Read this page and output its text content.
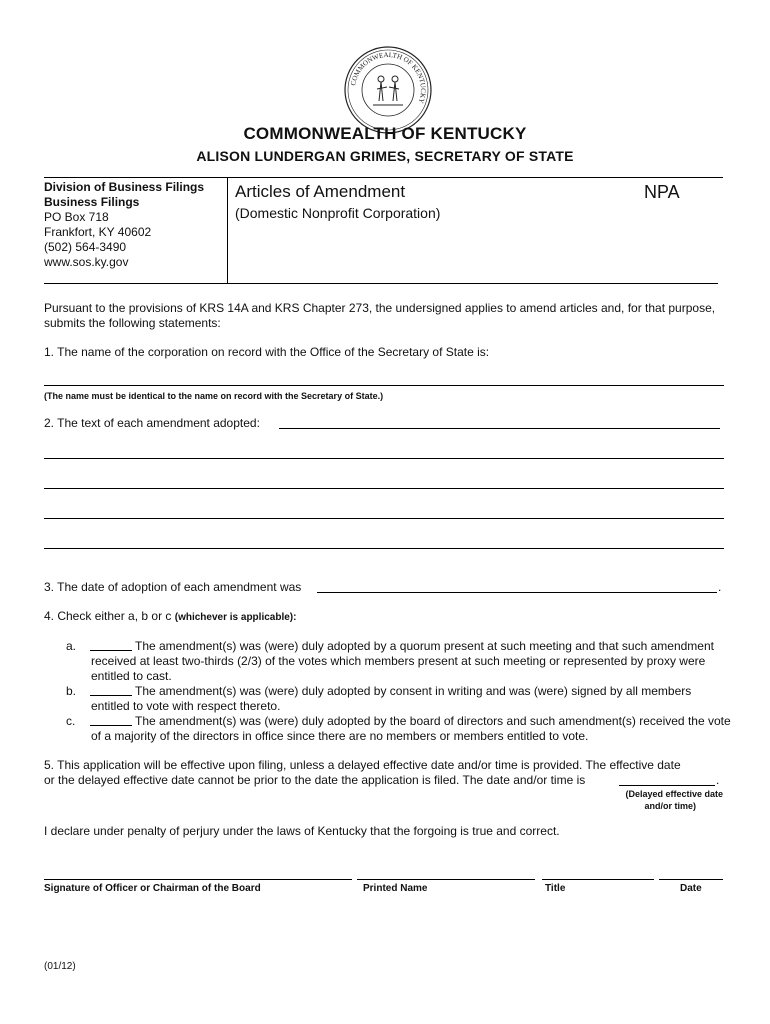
COMMONWEALTH OF KENTUCKY
COMMONWEALTH OF KENTUCKY
ALISON LUNDERGAN GRIMES, SECRETARY OF STATE
Division of Business Filings
Business Filings
PO Box 718
Frankfort, KY 40602
(502) 564-3490
www.sos.ky.gov
Articles of Amendment
(Domestic Nonprofit Corporation)
NPA
Pursuant to the provisions of KRS 14A and KRS Chapter 273, the undersigned applies to amend articles and, for that purpose, submits the following statements:
1. The name of the corporation on record with the Office of the Secretary of State is:
(The name must be identical to the name on record with the Secretary of State.)
2. The text of each amendment adopted:
3. The date of adoption of each amendment was	.
4. Check either a, b or c (whichever is applicable):
a.	The amendment(s) was (were) duly adopted by a quorum present at such meeting and that such amendment received at least two-thirds (2/3) of the votes which members present at such meeting or represented by proxy were entitled to cast.
b.	The amendment(s) was (were) duly adopted by consent in writing and was (were) signed by all members entitled to vote with respect thereto.
c.	The amendment(s) was (were) duly adopted by the board of directors and such amendment(s) received the vote of a majority of the directors in office since there are no members or members entitled to vote.
5. This application will be effective upon filing, unless a delayed effective date and/or time is provided. The effective date
or the delayed effective date cannot be prior to the date the application is filed. The date and/or time is	.
(Delayed effective date
and/or time)
I declare under penalty of perjury under the laws of Kentucky that the forgoing is true and correct.
Signature of Officer or Chairman of the Board	Printed Name	Title	Date
(01/12)
